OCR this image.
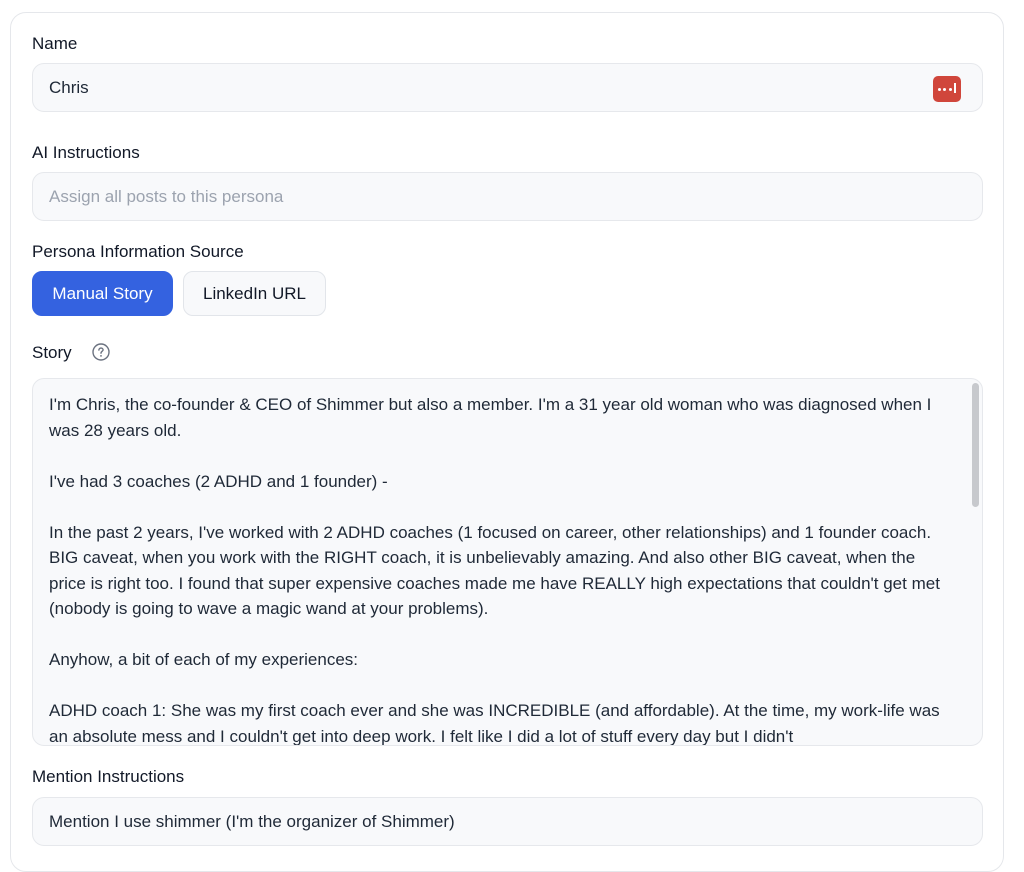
Name
Chris
AI Instructions
Assign all posts to this persona
Persona Information Source
Manual Story	LinkedIn URL
Story
I'm Chris, the co-founder & CEO of Shimmer but also a member. I'm a 31 year old woman who was diagnosed when I was 28 years old.

I've had 3 coaches (2 ADHD and 1 founder) -

In the past 2 years, I've worked with 2 ADHD coaches (1 focused on career, other relationships) and 1 founder coach. BIG caveat, when you work with the RIGHT coach, it is unbelievably amazing. And also other BIG caveat, when the price is right too. I found that super expensive coaches made me have REALLY high expectations that couldn't get met (nobody is going to wave a magic wand at your problems).

Anyhow, a bit of each of my experiences:

ADHD coach 1: She was my first coach ever and she was INCREDIBLE (and affordable). At the time, my work-life was an absolute mess and I couldn't get into deep work. I felt like I did a lot of stuff every day but I didn't
Mention Instructions
Mention I use shimmer (I'm the organizer of Shimmer)
